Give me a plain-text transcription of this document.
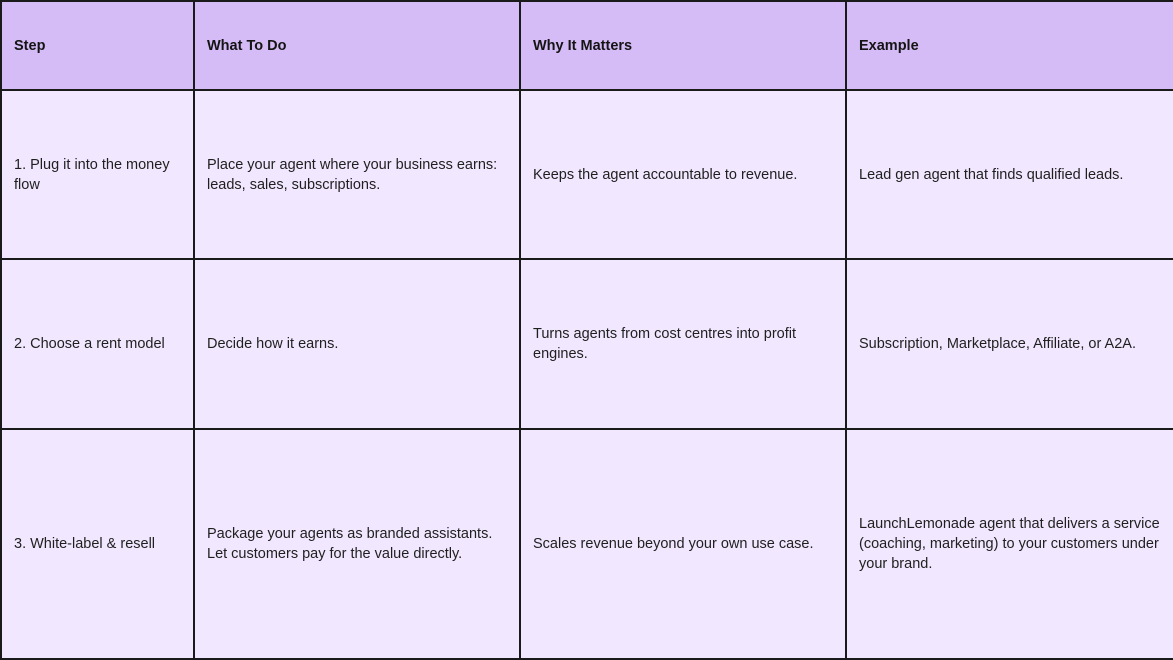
Step	What To Do	Why It Matters	Example
1. Plug it into the money flow	Place your agent where your business earns: leads, sales, subscriptions.	Keeps the agent accountable to revenue.	Lead gen agent that finds qualified leads.
2. Choose a rent model	Decide how it earns.	Turns agents from cost centres into profit engines.	Subscription, Marketplace, Affiliate, or A2A.
3. White-label & resell	Package your agents as branded assistants. Let customers pay for the value directly.	Scales revenue beyond your own use case.	LaunchLemonade agent that delivers a service (coaching, marketing) to your customers under your brand.
